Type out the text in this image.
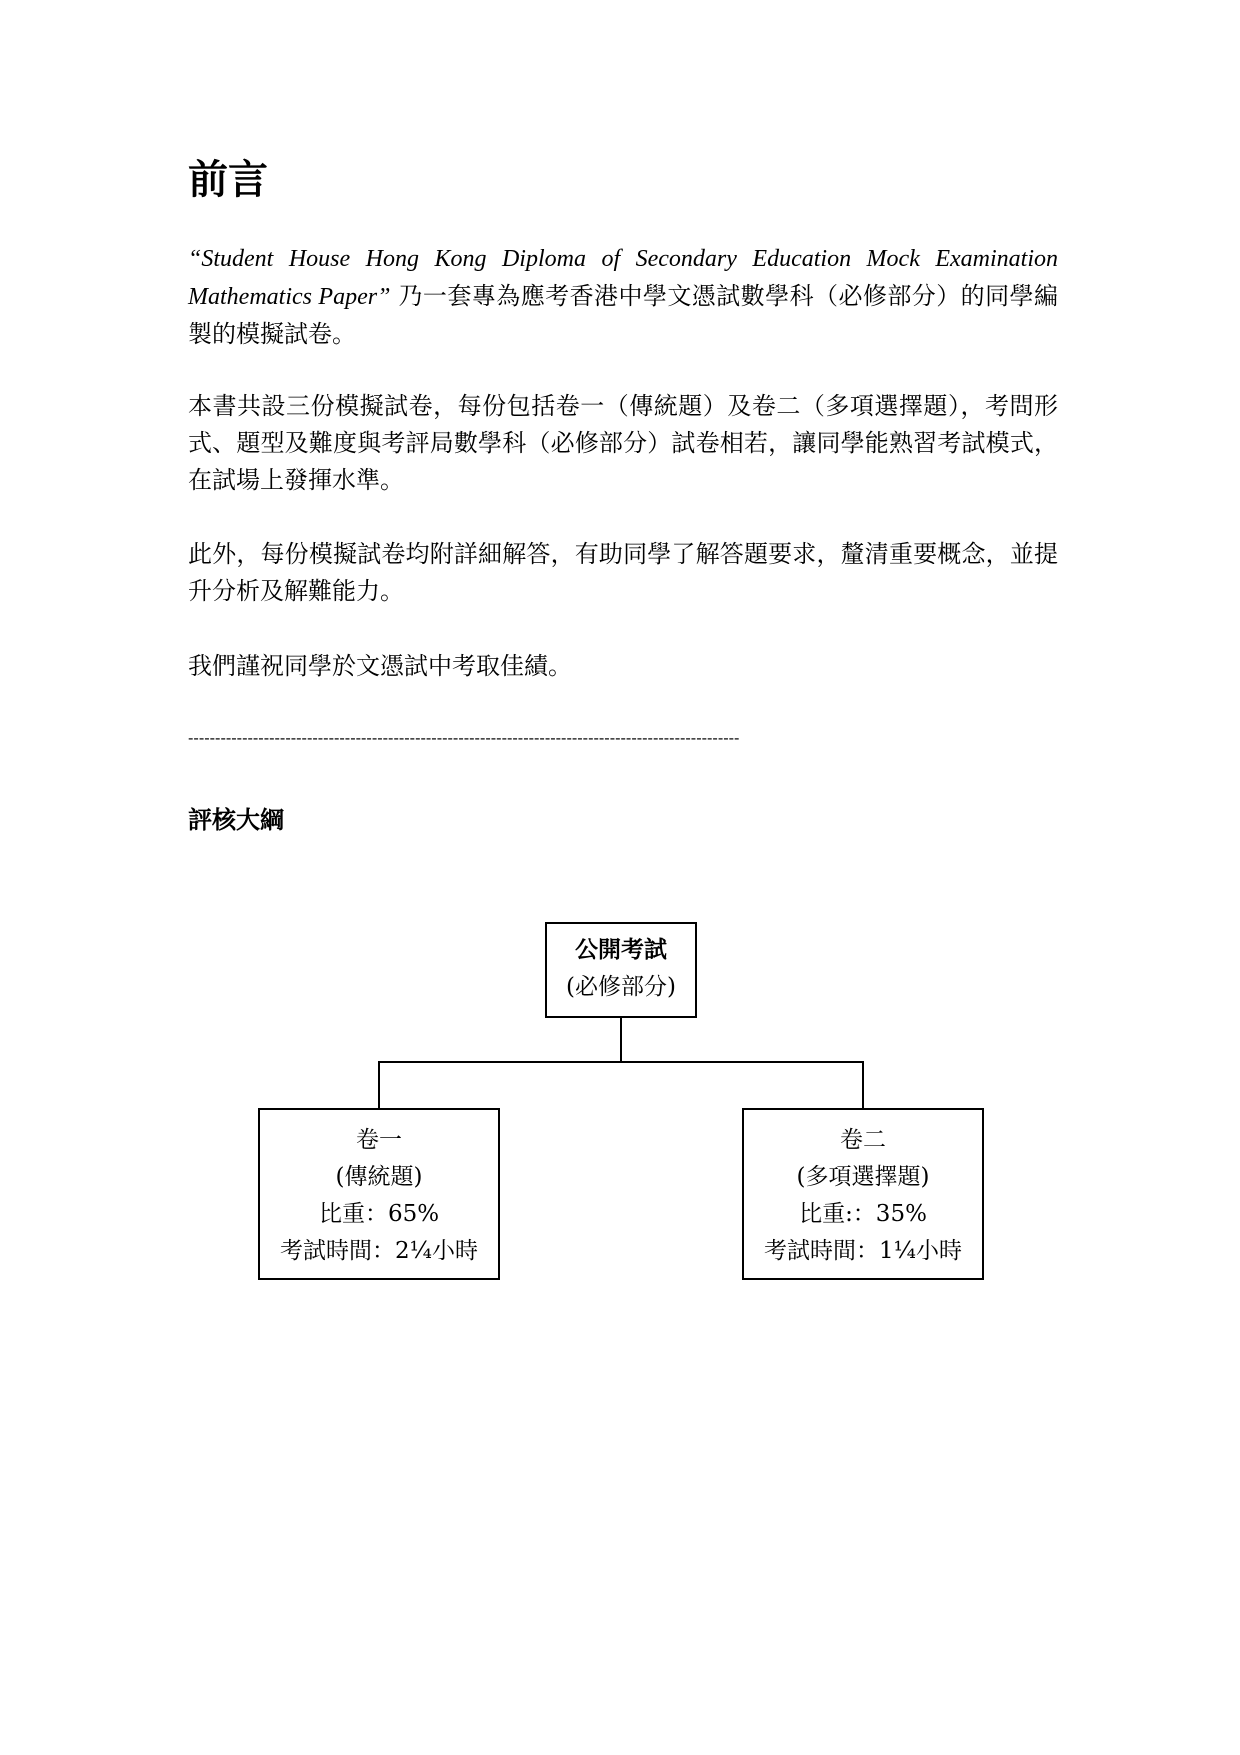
前言

“Student House Hong Kong Diploma of Secondary Education Mock Examination Mathematics Paper” 乃一套專為應考香港中學文憑試數學科（必修部分）的同學編製的模擬試卷。

本書共設三份模擬試卷，每份包括卷一（傳統題）及卷二（多項選擇題），考問形式、題型及難度與考評局數學科（必修部分）試卷相若，讓同學能熟習考試模式，在試場上發揮水準。

此外，每份模擬試卷均附詳細解答，有助同學了解答題要求，釐清重要概念，並提升分析及解難能力。

我們謹祝同學於文憑試中考取佳績。

------------------------------------------------------------------------------------------------------
評核大綱
公開考試
(必修部分)
卷一
(傳統題)
比重：65%
考試時間：2¼小時
卷二
(多項選擇題)
比重:：35%
考試時間：1¼小時
